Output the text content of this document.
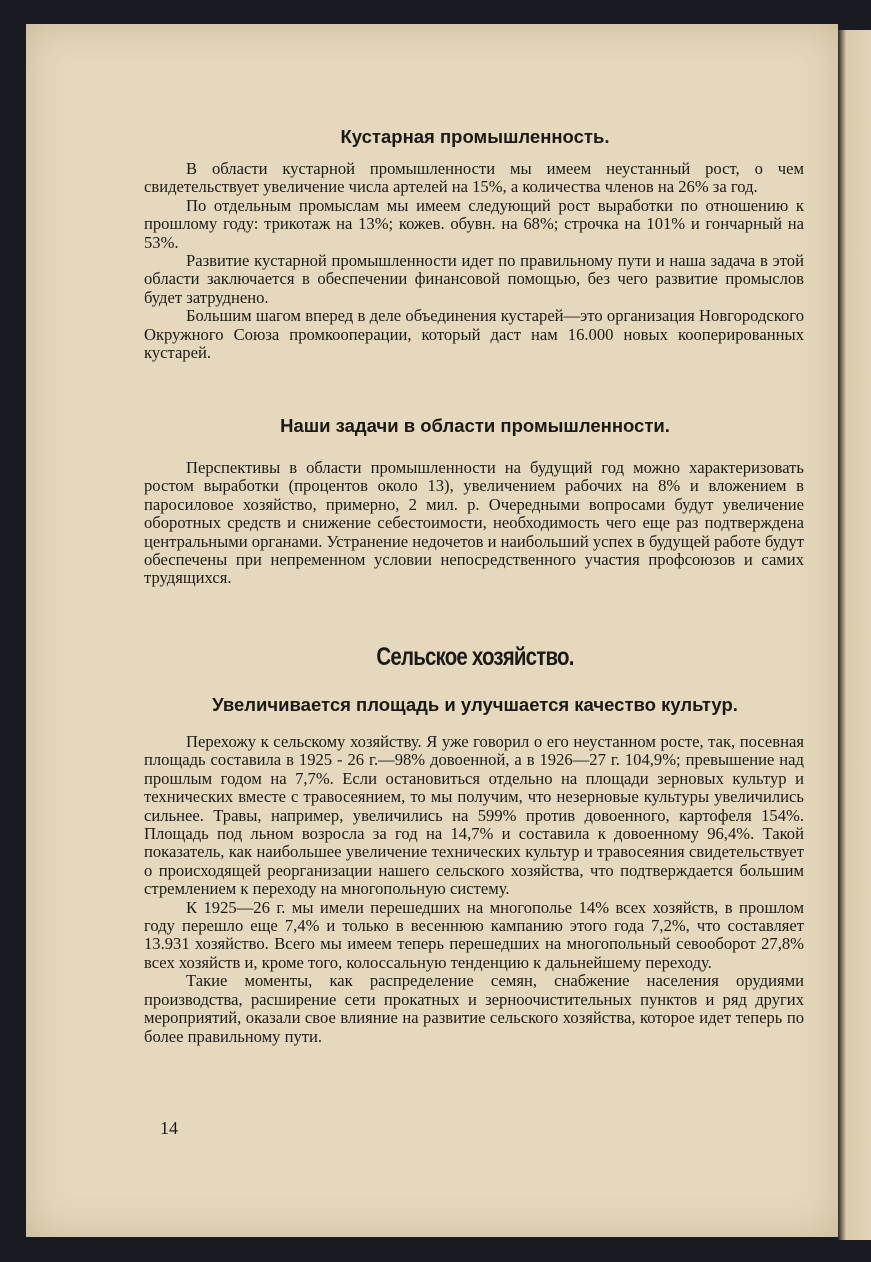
Кустарная промышленность.

В области кустарной промышленности мы имеем неустанный рост, о чем свидетельствует увеличение числа артелей на 15%, а количества членов на 26% за год.

По отдельным промыслам мы имеем следующий рост выработки по отношению к прошлому году: трикотаж на 13%; кожев. обувн. на 68%; строчка на 101% и гончарный на 53%.

Развитие кустарной промышленности идет по правильному пути и наша задача в этой области заключается в обеспечении финансовой помощью, без чего развитие промыслов будет затруднено.

Большим шагом вперед в деле объединения кустарей—это организация Новгородского Окружного Союза промкооперации, который даст нам 16.000 новых кооперированных кустарей.

Наши задачи в области промышленности.

Перспективы в области промышленности на будущий год можно характеризовать ростом выработки (процентов около 13), увеличением рабочих на 8% и вложением в паросиловое хозяйство, примерно, 2 мил. р. Очередными вопросами будут увеличение оборотных средств и снижение себестоимости, необходимость чего еще раз подтверждена центральными органами. Устранение недочетов и наибольший успех в будущей работе будут обеспечены при непременном условии непосредственного участия профсоюзов и самих трудящихся.

Сельское хозяйство.
Увеличивается площадь и улучшается качество культур.

Перехожу к сельскому хозяйству. Я уже говорил о его неустанном росте, так, посевная площадь составила в 1925 - 26 г.—98% довоенной, а в 1926—27 г. 104,9%; превышение над прошлым годом на 7,7%. Если остановиться отдельно на площади зерновых культур и технических вместе с травосеянием, то мы получим, что незерновые культуры увеличились сильнее. Травы, например, увеличились на 599% против довоенного, картофеля 154%. Площадь под льном возросла за год на 14,7% и составила к довоенному 96,4%. Такой показатель, как наибольшее увеличение технических культур и травосеяния свидетельствует о происходящей реорганизации нашего сельского хозяйства, что подтверждается большим стремлением к переходу на многопольную систему.

К 1925—26 г. мы имели перешедших на многополье 14% всех хозяйств, в прошлом году перешло еще 7,4% и только в весеннюю кампанию этого года 7,2%, что составляет 13.931 хозяйство. Всего мы имеем теперь перешедших на многопольный севооборот 27,8% всех хозяйств и, кроме того, колоссальную тенденцию к дальнейшему переходу.

Такие моменты, как распределение семян, снабжение населения орудиями производства, расширение сети прокатных и зерноочистительных пунктов и ряд других мероприятий, оказали свое влияние на развитие сельского хозяйства, которое идет теперь по более правильному пути.

14
